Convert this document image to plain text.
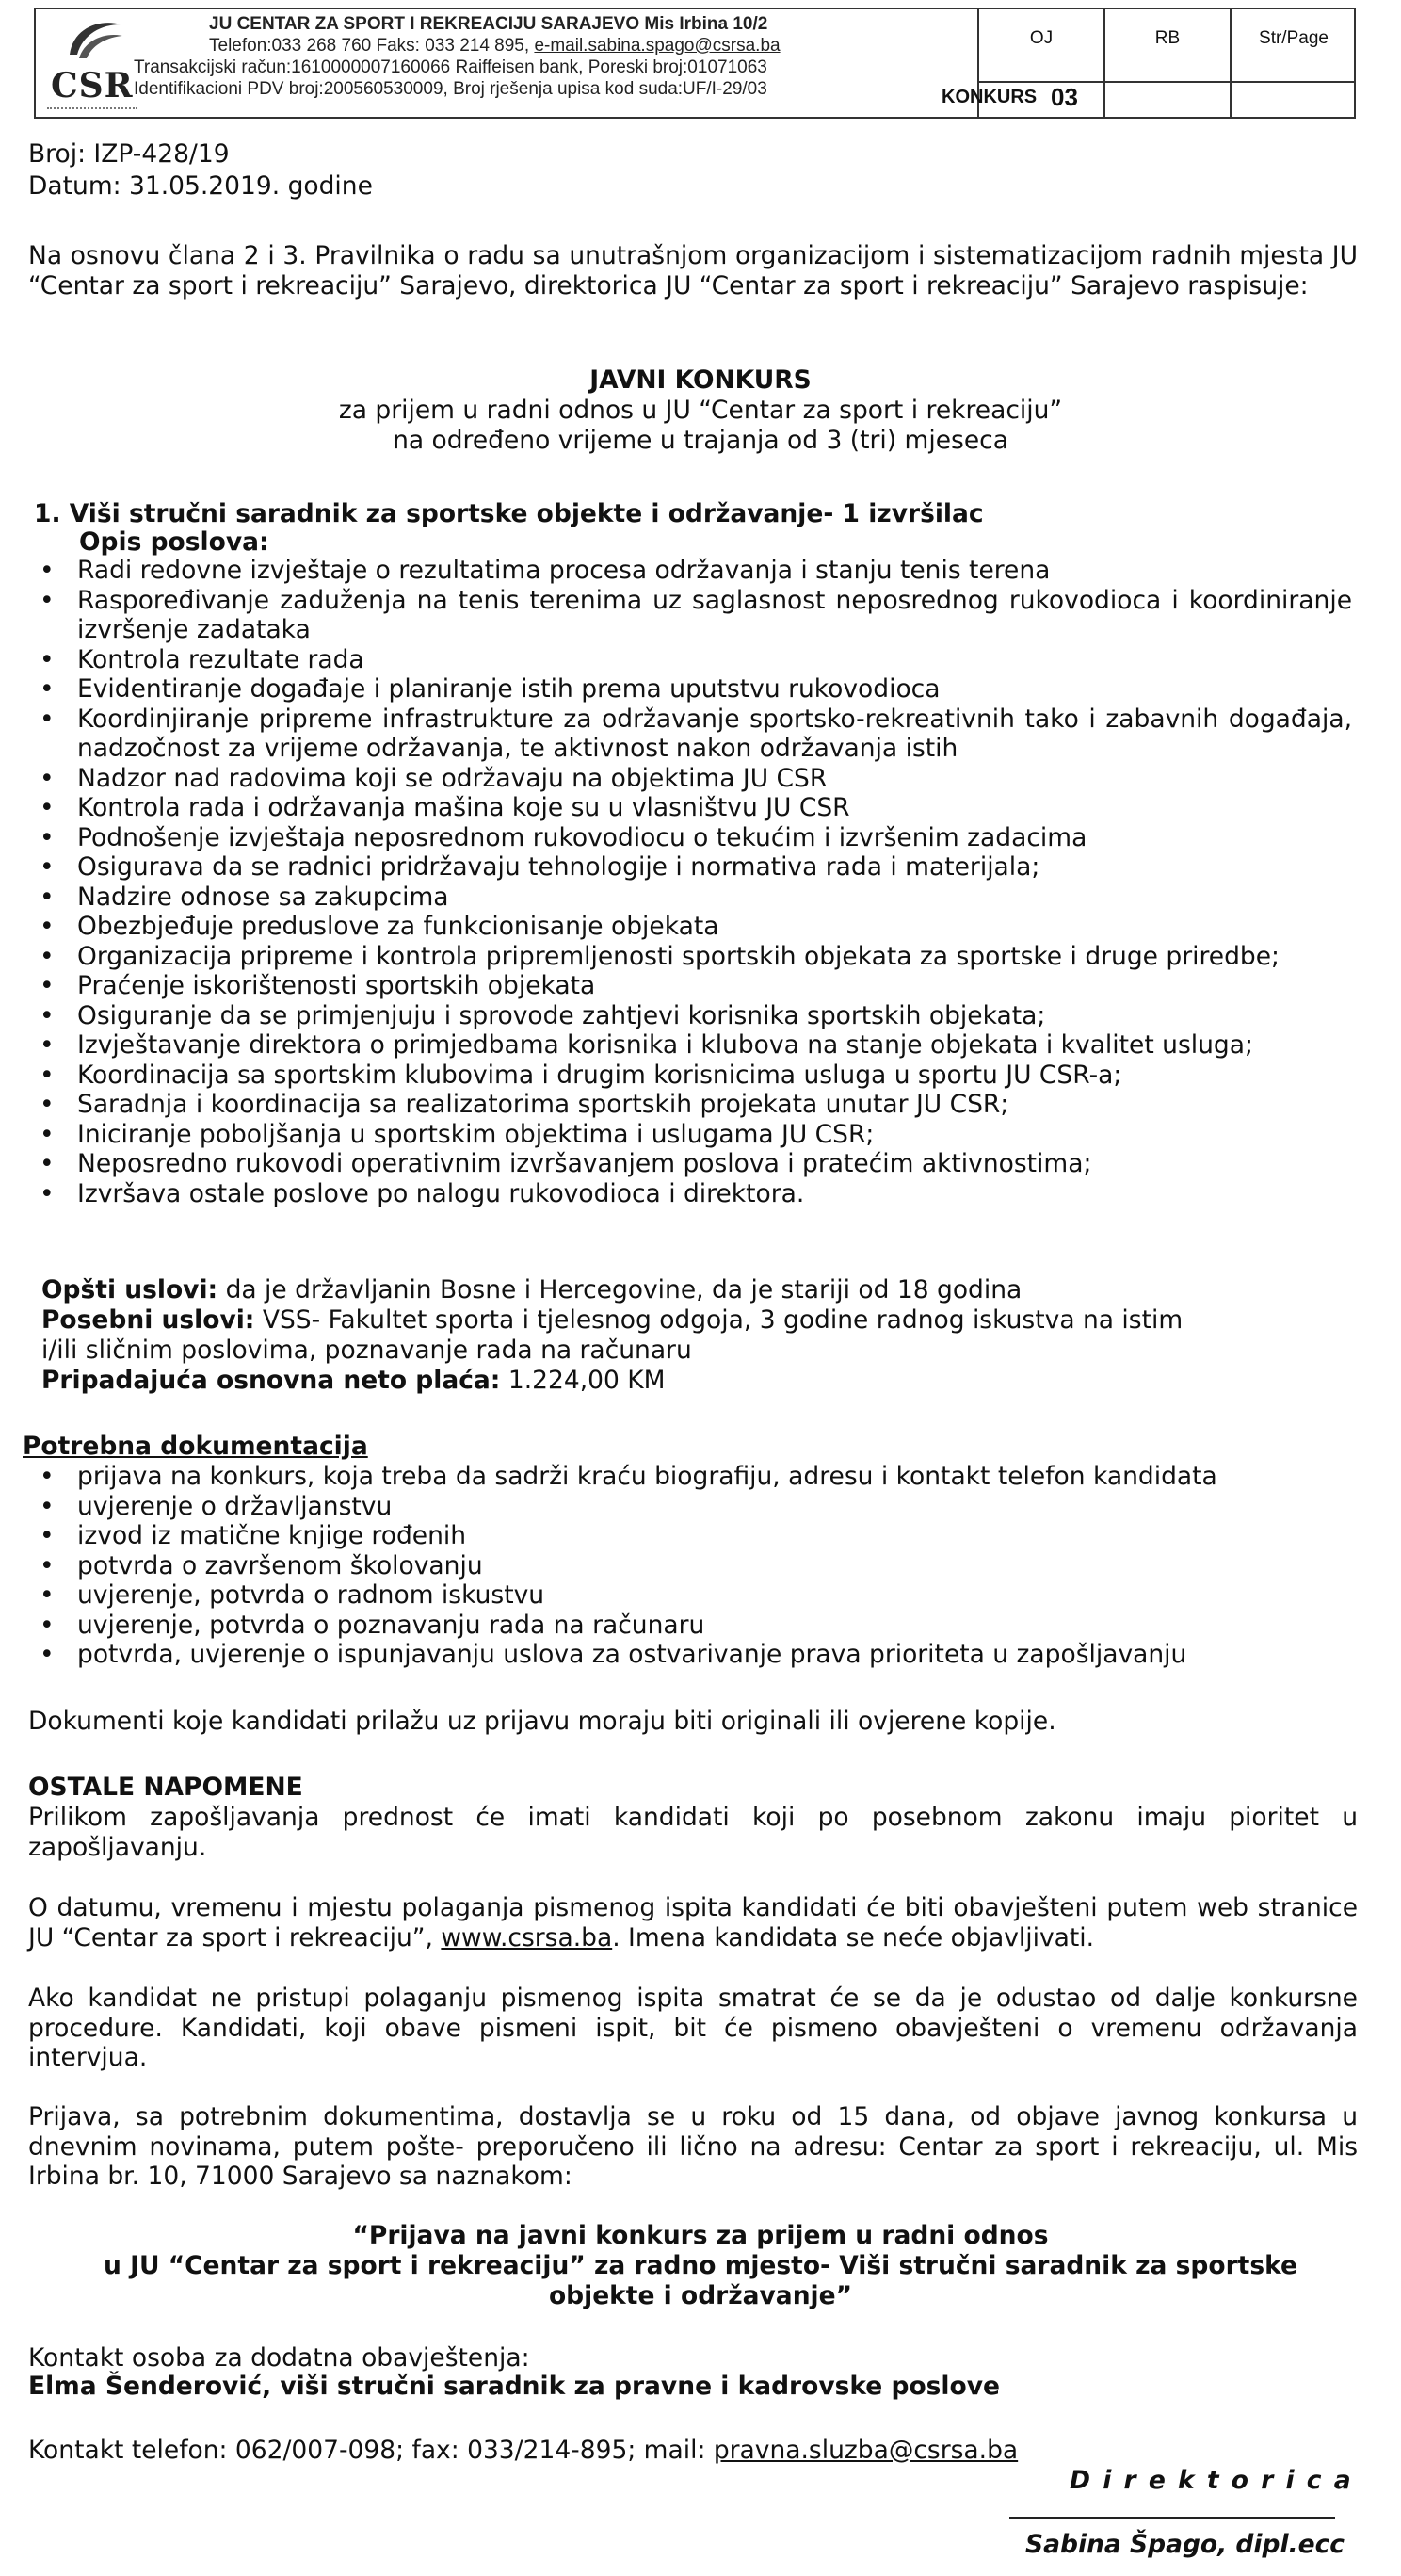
CSR
JU CENTAR ZA SPORT I REKREACIJU SARAJEVO Mis Irbina 10/2
Telefon:033 268 760 Faks: 033 214 895, e-mail.sabina.spago@csrsa.ba
Transakcijski račun:1610000007160066 Raiffeisen bank, Poreski broj:01071063
Identifikacioni PDV broj:200560530009, Broj rješenja upisa kod suda:UF/I-29/03
OJ	RB	Str/Page
KONKURS 03
Broj: IZP-428/19
Datum: 31.05.2019. godine
Na osnovu člana 2 i 3. Pravilnika o radu sa unutrašnjom organizacijom i sistematizacijom radnih mjesta JU “Centar za sport i rekreaciju” Sarajevo, direktorica JU “Centar za sport i rekreaciju” Sarajevo raspisuje:
JAVNI KONKURS
za prijem u radni odnos u JU “Centar za sport i rekreaciju”
na određeno vrijeme u trajanja od 3 (tri) mjeseca
1. Viši stručni saradnik za sportske objekte i održavanje- 1 izvršilac
Opis poslova:
• Radi redovne izvještaje o rezultatima procesa održavanja i stanju tenis terena
• Raspoređivanje zaduženja na tenis terenima uz saglasnost neposrednog rukovodioca i koordiniranje izvršenje zadataka
• Kontrola rezultate rada
• Evidentiranje događaje i planiranje istih prema uputstvu rukovodioca
• Koordinjiranje pripreme infrastrukture za održavanje sportsko-rekreativnih tako i zabavnih događaja, nadzočnost za vrijeme održavanja, te aktivnost nakon održavanja istih
• Nadzor nad radovima koji se održavaju na objektima JU CSR
• Kontrola rada i održavanja mašina koje su u vlasništvu JU CSR
• Podnošenje izvještaja neposrednom rukovodiocu o tekućim i izvršenim zadacima
• Osigurava da se radnici pridržavaju tehnologije i normativa rada i materijala;
• Nadzire odnose sa zakupcima
• Obezbjeđuje preduslove za funkcionisanje objekata
• Organizacija pripreme i kontrola pripremljenosti sportskih objekata za sportske i druge priredbe;
• Praćenje iskorištenosti sportskih objekata
• Osiguranje da se primjenjuju i sprovode zahtjevi korisnika sportskih objekata;
• Izvještavanje direktora o primjedbama korisnika i klubova na stanje objekata i kvalitet usluga;
• Koordinacija sa sportskim klubovima i drugim korisnicima usluga u sportu JU CSR-a;
• Saradnja i koordinacija sa realizatorima sportskih projekata unutar JU CSR;
• Iniciranje poboljšanja u sportskim objektima i uslugama JU CSR;
• Neposredno rukovodi operativnim izvršavanjem poslova i pratećim aktivnostima;
• Izvršava ostale poslove po nalogu rukovodioca i direktora.
Opšti uslovi: da je državljanin Bosne i Hercegovine, da je stariji od 18 godina
Posebni uslovi: VSS- Fakultet sporta i tjelesnog odgoja, 3 godine radnog iskustva na istim
i/ili sličnim poslovima, poznavanje rada na računaru
Pripadajuća osnovna neto plaća: 1.224,00 KM
Potrebna dokumentacija
• prijava na konkurs, koja treba da sadrži kraću biografiju, adresu i kontakt telefon kandidata
• uvjerenje o državljanstvu
• izvod iz matične knjige rođenih
• potvrda o završenom školovanju
• uvjerenje, potvrda o radnom iskustvu
• uvjerenje, potvrda o poznavanju rada na računaru
• potvrda, uvjerenje o ispunjavanju uslova za ostvarivanje prava prioriteta u zapošljavanju
Dokumenti koje kandidati prilažu uz prijavu moraju biti originali ili ovjerene kopije.
OSTALE NAPOMENE
Prilikom zapošljavanja prednost će imati kandidati koji po posebnom zakonu imaju pioritet u zapošljavanju.
O datumu, vremenu i mjestu polaganja pismenog ispita kandidati će biti obavješteni putem web stranice JU “Centar za sport i rekreaciju”, www.csrsa.ba. Imena kandidata se neće objavljivati.
Ako kandidat ne pristupi polaganju pismenog ispita smatrat će se da je odustao od dalje konkursne procedure. Kandidati, koji obave pismeni ispit, bit će pismeno obavješteni o vremenu održavanja intervjua.
Prijava, sa potrebnim dokumentima, dostavlja se u roku od 15 dana, od objave javnog konkursa u dnevnim novinama, putem pošte- preporučeno ili lično na adresu: Centar za sport i rekreaciju, ul. Mis Irbina br. 10, 71000 Sarajevo sa naznakom:
“Prijava na javni konkurs za prijem u radni odnos
u JU “Centar za sport i rekreaciju” za radno mjesto- Viši stručni saradnik za sportske
objekte i održavanje”
Kontakt osoba za dodatna obavještenja:
Elma Šenderović, viši stručni saradnik za pravne i kadrovske poslove
Kontakt telefon: 062/007-098; fax: 033/214-895; mail: pravna.sluzba@csrsa.ba
D i r e k t o r i c a
Sabina Špago, dipl.ecc
